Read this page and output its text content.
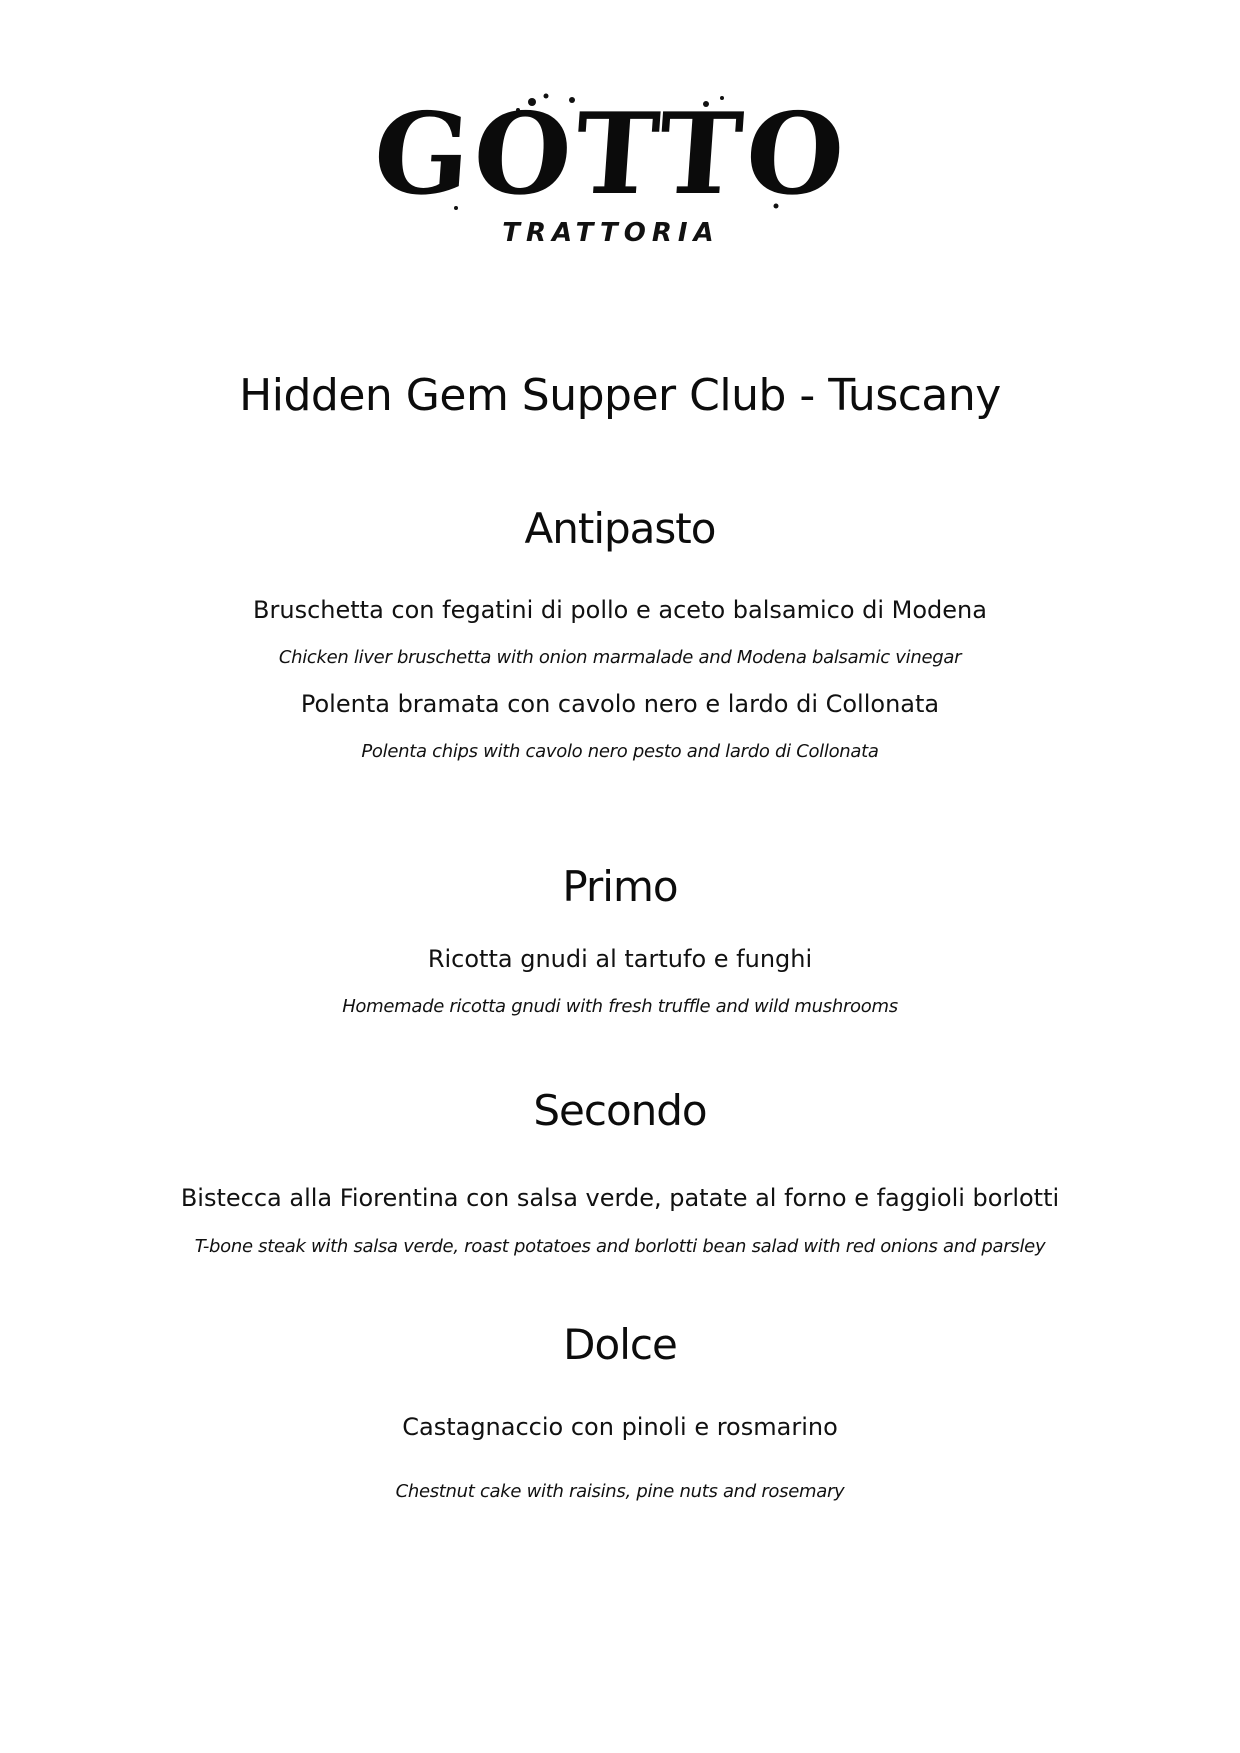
GOTTO
TRATTORIA
Hidden Gem Supper Club - Tuscany
Antipasto
Bruschetta con fegatini di pollo e aceto balsamico di Modena
Chicken liver bruschetta with onion marmalade and Modena balsamic vinegar
Polenta bramata con cavolo nero e lardo di Collonata
Polenta chips with cavolo nero pesto and lardo di Collonata
Primo
Ricotta gnudi al tartufo e funghi
Homemade ricotta gnudi with fresh truffle and wild mushrooms
Secondo
Bistecca alla Fiorentina con salsa verde, patate al forno e faggioli borlotti
T-bone steak with salsa verde, roast potatoes and borlotti bean salad with red onions and parsley
Dolce
Castagnaccio con pinoli e rosmarino
Chestnut cake with raisins, pine nuts and rosemary
